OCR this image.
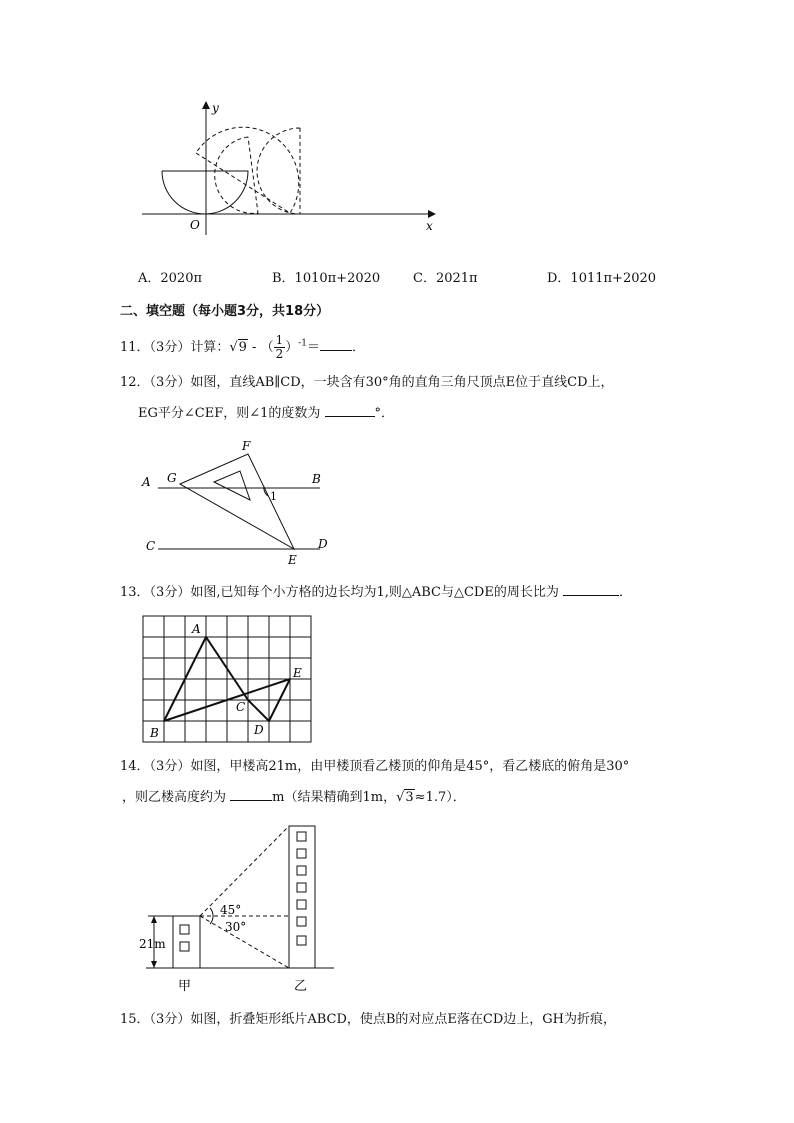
y
x
O
A．2020π	B．1010π+2020	C．2021π	D．1011π+2020
二、填空题（每小题3分，共18分）
11．（3分）计算：√9 - （ $\frac{1}{2} )^{-1}=$ ．
12．（3分）如图，直线AB∥CD，一块含有30°角的直角三角尺顶点E位于直线CD上，
EG平分∠CEF，则∠1的度数为	°．
A	B
C	D
E
F
G
1
13．（3分）如图,已知每个小方格的边长均为1,则△ABC与△CDE的周长比为	．
A
B
C
D
E
14．（3分）如图，甲楼高21m，由甲楼顶看乙楼顶的仰角是45°，看乙楼底的俯角是30°
，则乙楼高度约为	m（结果精确到1m，√3≈1.7）．
45°
30°
21m
甲	乙
15．（3分）如图，折叠矩形纸片ABCD，使点B的对应点E落在CD边上，GH为折痕，
